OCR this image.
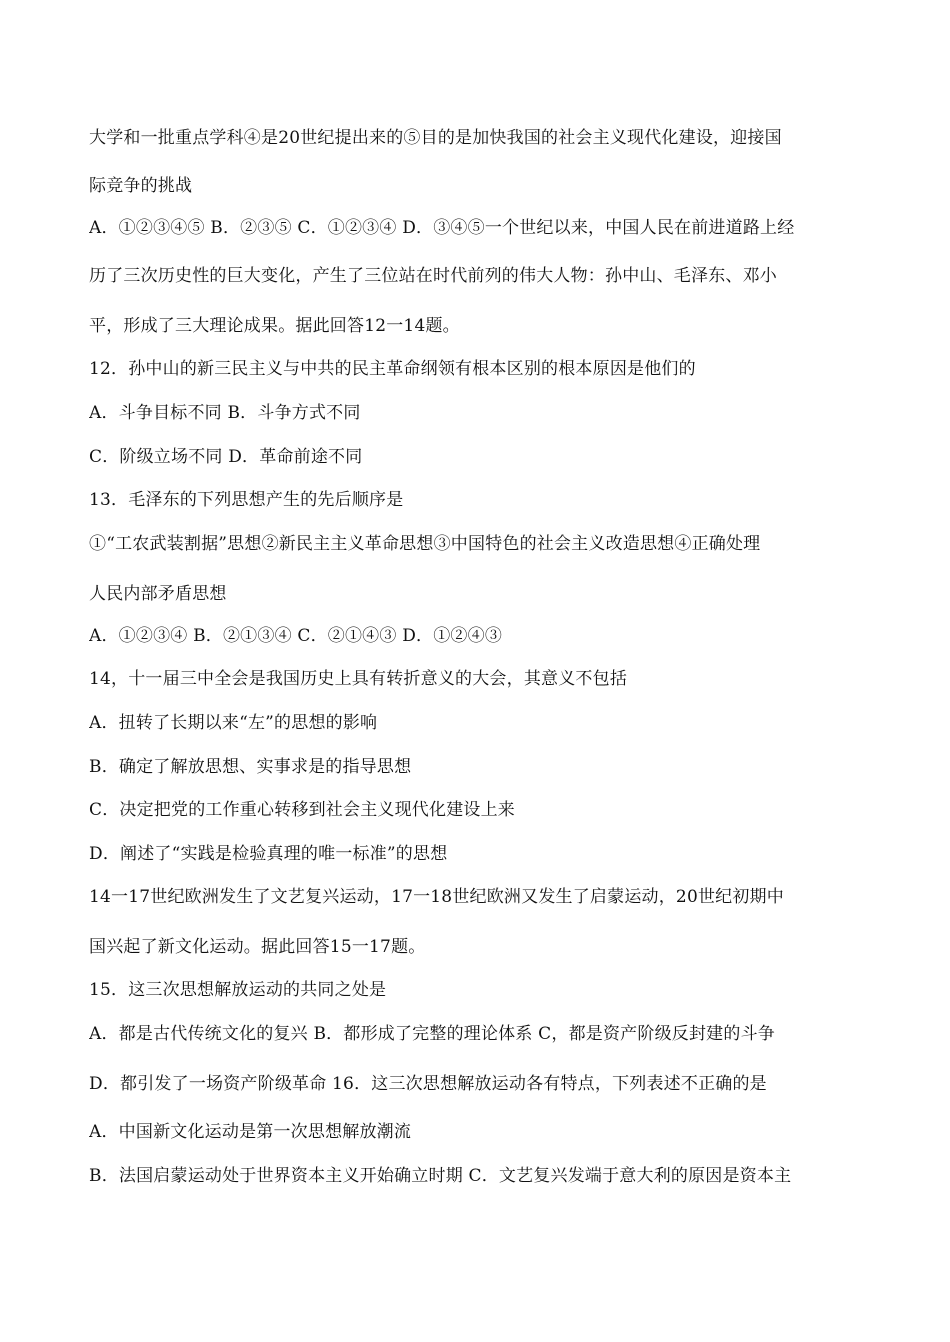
大学和一批重点学科④是20世纪提出来的⑤目的是加快我国的社会主义现代化建设，迎接国
际竞争的挑战
A．①②③④⑤ B．②③⑤ C．①②③④ D．③④⑤一个世纪以来，中国人民在前进道路上经
历了三次历史性的巨大变化，产生了三位站在时代前列的伟大人物：孙中山、毛泽东、邓小
平，形成了三大理论成果。据此回答12一14题。
12．孙中山的新三民主义与中共的民主革命纲领有根本区别的根本原因是他们的
A．斗争目标不同 B．斗争方式不同
C．阶级立场不同 D．革命前途不同
13．毛泽东的下列思想产生的先后顺序是
①“工农武装割据”思想②新民主主义革命思想③中国特色的社会主义改造思想④正确处理
人民内部矛盾思想
A．①②③④ B．②①③④ C．②①④③ D．①②④③
14，十一届三中全会是我国历史上具有转折意义的大会，其意义不包括
A．扭转了长期以来“左”的思想的影响
B．确定了解放思想、实事求是的指导思想
C．决定把党的工作重心转移到社会主义现代化建设上来
D．阐述了“实践是检验真理的唯一标准”的思想
14一17世纪欧洲发生了文艺复兴运动，17一18世纪欧洲又发生了启蒙运动，20世纪初期中
国兴起了新文化运动。据此回答15一17题。
15．这三次思想解放运动的共同之处是
A．都是古代传统文化的复兴 B．都形成了完整的理论体系 C，都是资产阶级反封建的斗争
D．都引发了一场资产阶级革命 16．这三次思想解放运动各有特点，下列表述不正确的是
A．中国新文化运动是第一次思想解放潮流
B．法国启蒙运动处于世界资本主义开始确立时期 C．文艺复兴发端于意大利的原因是资本主
